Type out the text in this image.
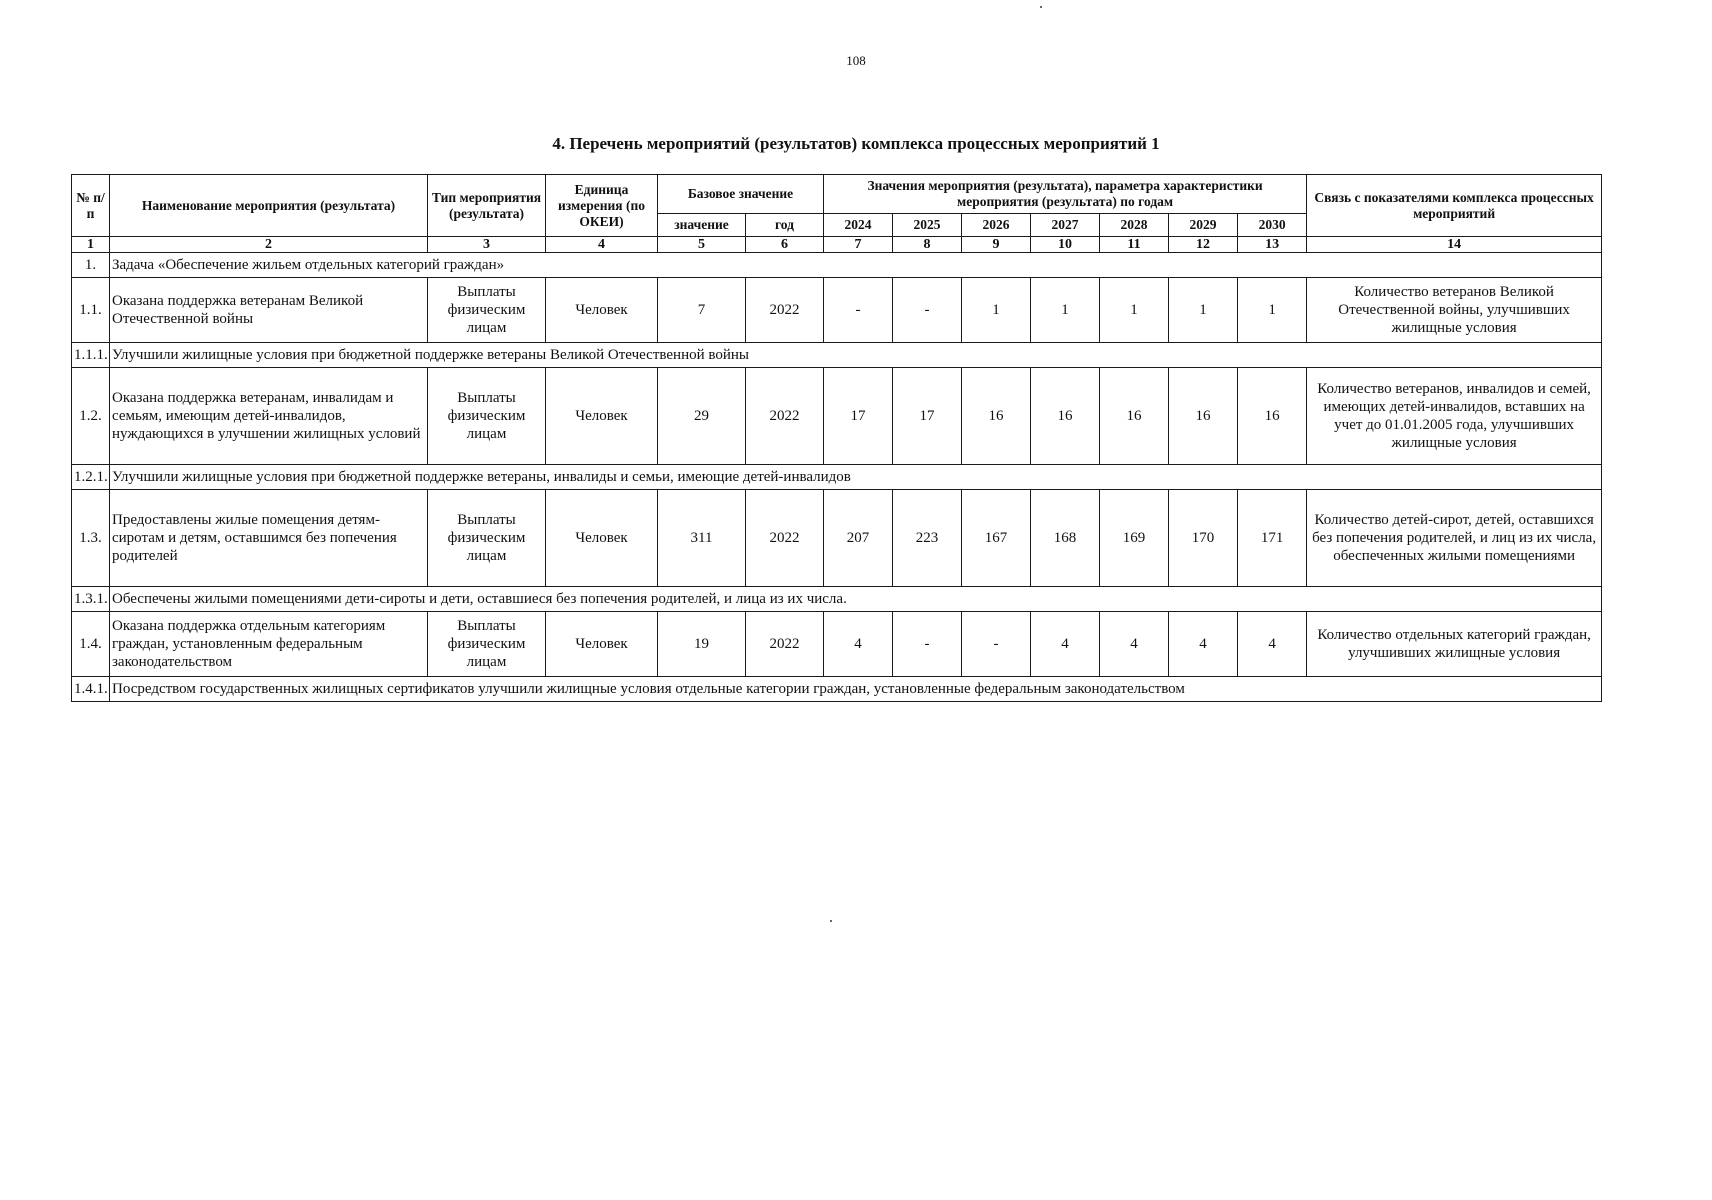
108
4. Перечень мероприятий (результатов) комплекса процессных мероприятий 1
№ п/п	Наименование мероприятия (результата)	Тип мероприятия (результата)	Единица измерения (по ОКЕИ)	Базовое значение		Значения мероприятия (результата), параметра характеристики мероприятия (результата) по годам							Связь с показателями комплекса процессных мероприятий
				значение	год	2024	2025	2026	2027	2028	2029	2030	
1	2	3	4	5	6	7	8	9	10	11	12	13	14
1.	Задача «Обеспечение жильем отдельных категорий граждан»												
1.1.	Оказана поддержка ветеранам Великой Отечественной войны	Выплаты физическим лицам	Человек	7	2022	-	-	1	1	1	1	1	Количество ветеранов Великой Отечественной войны, улучшивших жилищные условия
1.1.1.	Улучшили жилищные условия при бюджетной поддержке ветераны Великой Отечественной войны												
1.2.	Оказана поддержка ветеранам, инвалидам и семьям, имеющим детей-инвалидов, нуждающихся в улучшении жилищных условий	Выплаты физическим лицам	Человек	29	2022	17	17	16	16	16	16	16	Количество ветеранов, инвалидов и семей, имеющих детей-инвалидов, вставших на учет до 01.01.2005 года, улучшивших жилищные условия
1.2.1.	Улучшили жилищные условия при бюджетной поддержке ветераны, инвалиды и семьи, имеющие детей-инвалидов												
1.3.	Предоставлены жилые помещения детям-сиротам и детям, оставшимся без попечения родителей	Выплаты физическим лицам	Человек	311	2022	207	223	167	168	169	170	171	Количество детей-сирот, детей, оставшихся без попечения родителей, и лиц из их числа, обеспеченных жилыми помещениями
1.3.1.	Обеспечены жилыми помещениями дети-сироты и дети, оставшиеся без попечения родителей, и лица из их числа.												
1.4.	Оказана поддержка отдельным категориям граждан, установленным федеральным законодательством	Выплаты физическим лицам	Человек	19	2022	4	-	-	4	4	4	4	Количество отдельных категорий граждан, улучшивших жилищные условия
1.4.1.	Посредством государственных жилищных сертификатов улучшили жилищные условия отдельные категории граждан, установленные федеральным законодательством												
